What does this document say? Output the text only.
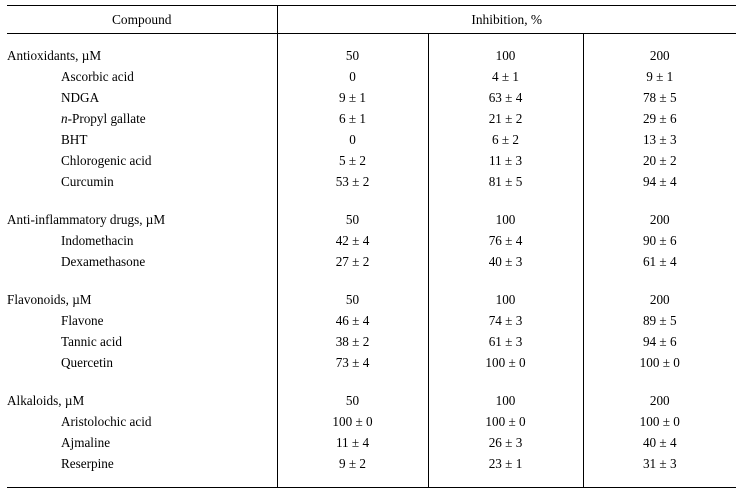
Compound	Inhibition, %		

Antioxidants, µM	50	100	200
Ascorbic acid	0	4 ± 1	9 ± 1
NDGA	9 ± 1	63 ± 4	78 ± 5
n-Propyl gallate	6 ± 1	21 ± 2	29 ± 6
BHT	0	6 ± 2	13 ± 3
Chlorogenic acid	5 ± 2	11 ± 3	20 ± 2
Curcumin	53 ± 2	81 ± 5	94 ± 4

Anti-inflammatory drugs, µM	50	100	200
Indomethacin	42 ± 4	76 ± 4	90 ± 6
Dexamethasone	27 ± 2	40 ± 3	61 ± 4

Flavonoids, µM	50	100	200
Flavone	46 ± 4	74 ± 3	89 ± 5
Tannic acid	38 ± 2	61 ± 3	94 ± 6
Quercetin	73 ± 4	100 ± 0	100 ± 0

Alkaloids, µM	50	100	200
Aristolochic acid	100 ± 0	100 ± 0	100 ± 0
Ajmaline	11 ± 4	26 ± 3	40 ± 4
Reserpine	9 ± 2	23 ± 1	31 ± 3
